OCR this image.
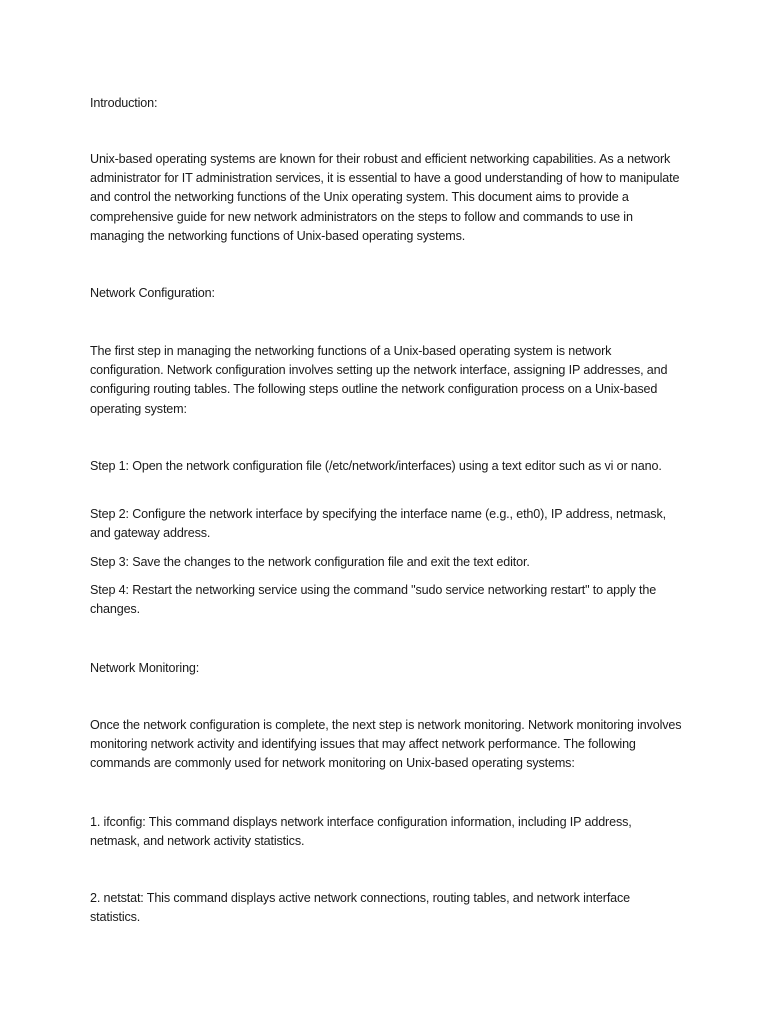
Introduction:
Unix-based operating systems are known for their robust and efficient networking capabilities. As a network administrator for IT administration services, it is essential to have a good understanding of how to manipulate and control the networking functions of the Unix operating system. This document aims to provide a comprehensive guide for new network administrators on the steps to follow and commands to use in managing the networking functions of Unix-based operating systems.
Network Configuration:
The first step in managing the networking functions of a Unix-based operating system is network configuration. Network configuration involves setting up the network interface, assigning IP addresses, and configuring routing tables. The following steps outline the network configuration process on a Unix-based operating system:
Step 1: Open the network configuration file (/etc/network/interfaces) using a text editor such as vi or nano.
Step 2: Configure the network interface by specifying the interface name (e.g., eth0), IP address, netmask, and gateway address.
Step 3: Save the changes to the network configuration file and exit the text editor.
Step 4: Restart the networking service using the command "sudo service networking restart" to apply the changes.
Network Monitoring:
Once the network configuration is complete, the next step is network monitoring. Network monitoring involves monitoring network activity and identifying issues that may affect network performance. The following commands are commonly used for network monitoring on Unix-based operating systems:
1. ifconfig: This command displays network interface configuration information, including IP address, netmask, and network activity statistics.
2. netstat: This command displays active network connections, routing tables, and network interface statistics.
